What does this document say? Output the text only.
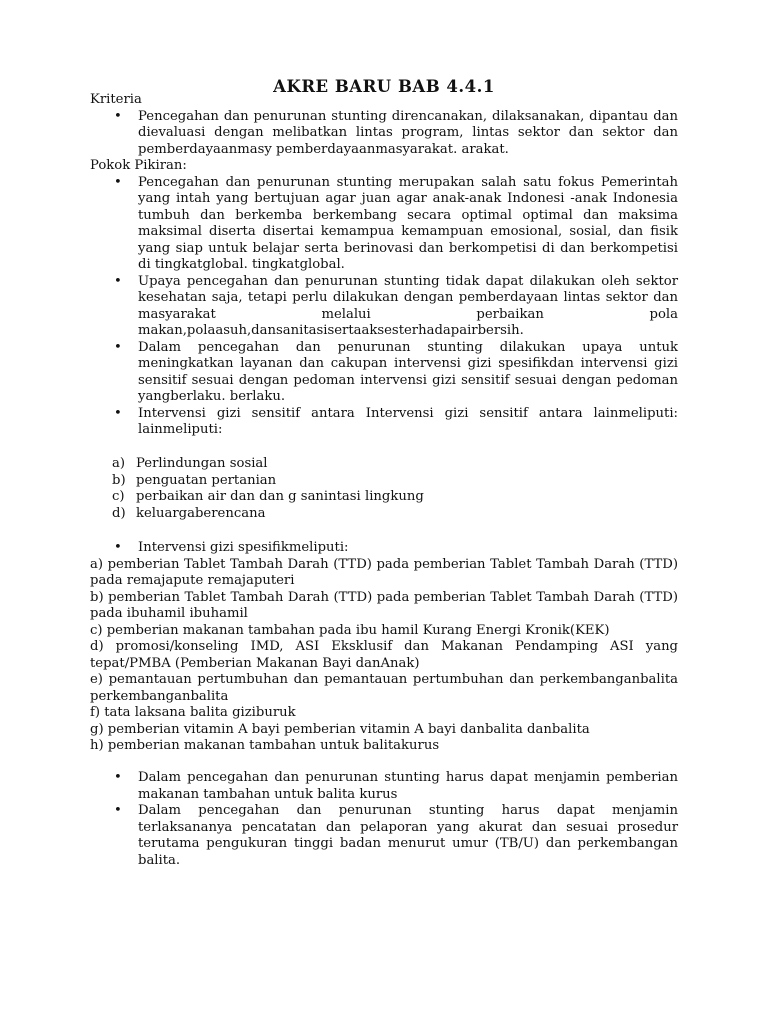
AKRE BARU BAB 4.4.1

Kriteria

• Pencegahan dan penurunan stunting direncanakan, dilaksanakan, dipantau dan dievaluasi dengan melibatkan lintas program, lintas sektor dan sektor dan pemberdayaanmasy pemberdayaanmasyarakat. arakat.

Pokok Pikiran:

• Pencegahan dan penurunan stunting merupakan salah satu fokus Pemerintah yang intah yang bertujuan agar juan agar anak-anak Indonesi -anak Indonesia tumbuh dan berkemba berkembang secara optimal optimal dan maksima maksimal diserta disertai kemampua kemampuan emosional, sosial, dan fisik yang siap untuk belajar serta berinovasi dan berkompetisi di dan berkompetisi di tingkatglobal. tingkatglobal.
• Upaya pencegahan dan penurunan stunting tidak dapat dilakukan oleh sektor kesehatan saja, tetapi perlu dilakukan dengan pemberdayaan lintas sektor dan masyarakat melalui perbaikan pola makan,polaasuh,dansanitasisertaaksesterhadapairbersih.
• Dalam pencegahan dan penurunan stunting dilakukan upaya untuk meningkatkan layanan dan cakupan intervensi gizi spesifikdan intervensi gizi sensitif sesuai dengan pedoman intervensi gizi sensitif sesuai dengan pedoman yangberlaku. berlaku.
• Intervensi gizi sensitif antara Intervensi gizi sensitif antara lainmeliputi: lainmeliputi:
a) Perlindungan sosial
b) penguatan pertanian
c) perbaikan air dan dan g sanintasi lingkung
d) keluargaberencana
• Intervensi gizi spesifikmeliputi:

a) pemberian Tablet Tambah Darah (TTD) pada pemberian Tablet Tambah Darah (TTD) pada remajapute remajaputeri

b) pemberian Tablet Tambah Darah (TTD) pada pemberian Tablet Tambah Darah (TTD) pada ibuhamil ibuhamil

c) pemberian makanan tambahan pada ibu hamil Kurang Energi Kronik(KEK)

d) promosi/konseling IMD, ASI Eksklusif dan Makanan Pendamping ASI yang tepat/PMBA (Pemberian Makanan Bayi danAnak)

e) pemantauan pertumbuhan dan pemantauan pertumbuhan dan perkembanganbalita perkembanganbalita

f) tata laksana balita giziburuk

g) pemberian vitamin A bayi pemberian vitamin A bayi danbalita danbalita

h) pemberian makanan tambahan untuk balitakurus

• Dalam pencegahan dan penurunan stunting harus dapat menjamin pemberian makanan tambahan untuk balita kurus
• Dalam pencegahan dan penurunan stunting harus dapat menjamin terlaksananya pencatatan dan pelaporan yang akurat dan sesuai prosedur terutama pengukuran tinggi badan menurut umur (TB/U) dan perkembangan balita.
